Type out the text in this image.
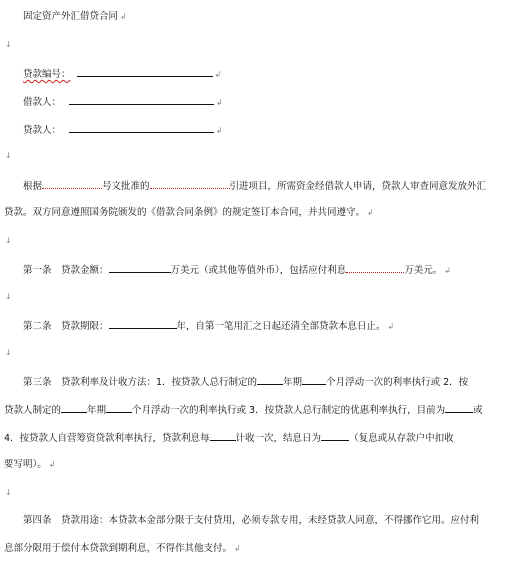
固定资产外汇借贷合同 ↲
↓
贷款编号：	↲
借款人：	↲
贷款人：	↲
↓
根据	号文批准的	引进项目，所需资金经借款人申请，贷款人审查同意发放外汇
贷款。双方同意遵照国务院颁发的《借款合同条例》的规定签订本合同，并共同遵守。 ↲
↓
第一条　贷款金额：	万美元（或其他等值外币），包括应付利息	万美元。 ↲
↓
第二条　贷款期限：	年，自第一笔用汇之日起还清全部贷款本息日止。 ↲
↓
第三条　贷款利率及计收方法：1．按贷款人总行制定的	年期	个月浮动一次的利率执行或 2．按
贷款人制定的	年期	个月浮动一次的利率执行或 3．按贷款人总行制定的优惠利率执行，目前为	或
4．按贷款人自营筹资贷款利率执行，贷款利息每	计收一次，结息日为	（复息或从存款户中扣收
要写明）。 ↲
↓
第四条　贷款用途：本贷款本金部分限于支付贷用，必须专款专用，未经贷款人同意，不得挪作它用。应付利
息部分限用于偿付本贷款到期利息，不得作其他支付。 ↲
